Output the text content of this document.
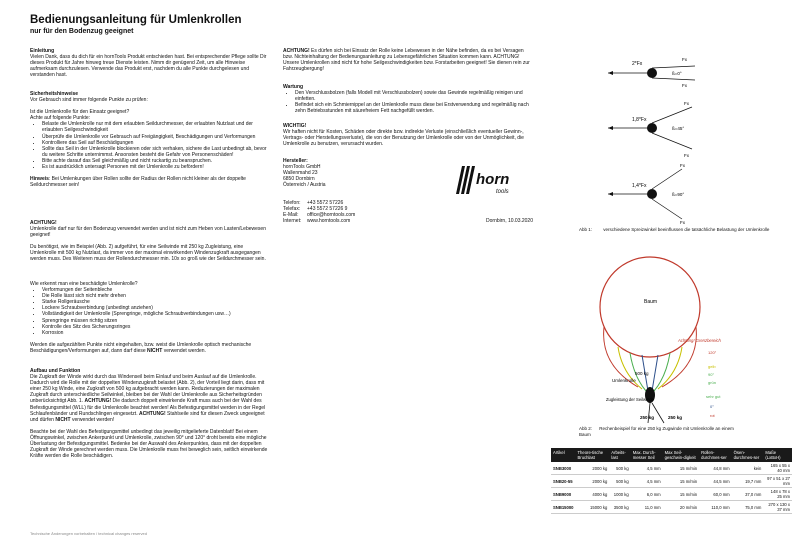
Bedienungsanleitung für Umlenkrollen
nur für den Bodenzug geeignet

Einleitung

Vielen Dank, dass du dich für ein hornTools Produkt entschieden hast. Bei entsprechender Pflege sollte Dir dieses Produkt für Jahre hinweg treue Dienste leisten. Nimm dir genügend Zeit, um alle Hinweise aufmerksam durchzulesen. Verwende das Produkt erst, nachdem du alle Punkte durchgelesen und verstanden hast.

Sicherheitshinweise

Vor Gebrauch sind immer folgende Punkte zu prüfen:

Ist die Umlenkrolle für den Einsatz geeignet?

Achte auf folgende Punkte:

• Belaste die Umlenkrolle nur mit dem erlaubten Seildurchmesser, der erlaubten Nutzlast und der erlaubten Seilgeschwindigkeit
• Überprüfe die Umlenkrolle vor Gebrauch auf Freigängigkeit, Beschädigungen und Verformungen
• Kontrolliere das Seil auf Beschädigungen
• Sollte das Seil in der Umlenkrolle blockieren oder sich verhaken, sichere die Last unbedingt ab, bevor du weitere Schritte unternimmst. Ansonsten besteht die Gefahr von Personenschäden!
• Bitte achte darauf das Seil gleichmäßig und nicht ruckartig zu beanspruchen.
• Es ist ausdrücklich untersagt Personen mit der Umlenkrolle zu befördern!

Hinweis: Bei Umlenkungen über Rollen sollte der Radius der Rollen nicht kleiner als der doppelte Seildurchmesser sein!

ACHTUNG!

Umlenkrolle darf nur für den Bodenzug verwendet werden und ist nicht zum Heben von Lasten/Lebewesen geeignet!

Du benötigst, wie im Beispiel (Abb. 2) aufgeführt, für eine Seilwinde mit 250 kg Zugleistung, eine Umlenkrolle mit 500 kg Nutzlast, da immer von der maximal einwirkenden Windenzugkraft ausgegangen werden muss. Des Weiteren muss der Rollendurchmesser min. 10x so groß wie der Seildurchmesser sein.

Wie erkennt man eine beschädigte Umlenkrolle?

• Verformungen der Seitenbleche
• Die Rolle lässt sich nicht mehr drehen
• Starke Rollgeräusche
• Lockere Schraubverbindung (unbedingt anziehen)
• Vollständigkeit der Umlenkrolle (Sprengringe, mögliche Schraubverbindungen usw…)
• Sprengringe müssen richtig sitzen
• Kontrolle des Sitz des Sicherungsringes
• Korrosion

Werden die aufgezählten Punkte nicht eingehalten, bzw. weist die Umlenkrolle optisch mechanische Beschädigungen/Verformungen auf, dann darf diese NICHT verwendet werden.

Aufbau und Funktion

Die Zugkraft der Winde wirkt durch das Windenseil beim Einlauf und beim Auslauf auf die Umlenkrolle. Dadurch wird die Rolle mit der doppelten Windenzugkraft belastet (Abb. 2), der Vorteil liegt darin, dass mit einer 250 kg Winde, eine Zugkraft von 500 kg aufgebracht werden kann. Reduzierungen der maximalen Zugkraft durch unterschiedliche Seilwinkel, bleiben bei der Wahl der Umlenkrolle aus Sicherheitsgründen unberücksichtigt Abb. 1. ACHTUNG! Die dadurch doppelt einwirkende Kraft muss auch bei der Wahl des Befestigungsmittel (WLL) für die Umlenkrolle beachtet werden! Als Befestigungsmittel werden in der Regel Schlaufenbänder und Rundschlingen eingesetzt. ACHTUNG! Stahlseile sind für diesen Zweck ungeeignet und dürfen NICHT verwendet werden!

Beachte bei der Wahl des Befestigungsmittel unbedingt das jeweilig mitgelieferte Datenblatt! Bei einem Öffnungswinkel, zwischen Ankerpunkt und Umlenkrolle, zwischen 90° und 120° droht bereits eine mögliche Überlastung der Befestigungsmittel. Bedenke bei der Auswahl des Ankerpunktes, dass mit der doppelten Zugkraft der Winde gerechnet werden muss. Die Umlenkrolle muss frei beweglich sein, seitlich einwirkende Kräfte werden die Rolle beschädigen.

ACHTUNG! Es dürfen sich bei Einsatz der Rolle keine Lebewesen in der Nähe befinden, da es bei Versagen bzw. Nichteinhaltung der Bedienungsanleitung zu Lebensgefährlichen Situation kommen kann. ACHTUNG! Unsere Umlenkrollen sind nicht für hohe Seilgeschwindigkeiten bzw. Forstarbeiten geeignet! Sie dienen rein zur Fahrzeugbergung!

Wartung

• Den Verschlussbolzen (falls Modell mit Verschlussbolzen) sowie das Gewinde regelmäßig reinigen und einfetten.
• Befindet sich ein Schmiernippel an der Umlenkrolle muss diese bei Erstverwendung und regelmäßig nach zehn Betriebsstunden mit säurefreiem Fett nachgefüllt werden.

WICHTIG!

Wir haften nicht für Kosten, Schäden oder direkte bzw. indirekte Verluste (einschließlich eventueller Gewinn-, Vertrags- oder Herstellungsverluste), die von der Benutzung der Umlenkrolle oder von der Unmöglichkeit, die Umlenkrolle zu benutzen, verursacht wurden.

Hersteller:

hornTools GmbH

Wallenmahd 23

6850 Dornbirn

Österreich / Austria

Telefon: +43 5572 57226

Telefax: +43 5572 57226 9

E-Mail: office@horntools.com

Internet: www.horntools.com	Dornbirn, 10.03.2020
horn
tools
2*Fx
ß=0°
Fx
Fx
1,8*Fx
ß=45°
Fx
Fx
1,4*Fx
ß=90°
Fx
Fx
Abb 1:	verschiedene Spreizwinkel beeinflussen die tatsächliche Belastung der Umlenkrolle
Baum
Achtung! Grenzbereich
120°
gelb
90°
grün
sehr gut
0°
rot
Umlenkrolle
500 kg
Zugleistung der Seilwinde
250 kg	250 kg
Abb 2: Rechenbeispiel für eine 250 kg Zugwinde mit Umlenkrolle an einem Baum
Artikel	Theore-tische Bruchlast	Arbeits-last	Max. Durch-messer Seil	Max Seil-geschwin-digkeit	Rollen-durchmes-ser	Ösen-durchmes-ser	Maße (LxBxH)
SNB3000	2000 kg	500 kg	4,5 mm	15 m/min	44,8 mm	kein	165 x 55 x 40 mm
SNB20-55	2000 kg	500 kg	4,5 mm	15 m/min	44,5 mm	19,7 mm	97 x 51 x 27 mm
SNB9000	4000 kg	1000 kg	6,0 mm	15 m/min	60,0 mm	37,0 mm	148 x 78 x 25 mm
SNB15000	15000 kg	3500 kg	11,0 mm	20 m/min	110,0 mm	75,0 mm	270 x 130 x 37 mm
Technische Änderungen vorbehalten / technical changes reserved
